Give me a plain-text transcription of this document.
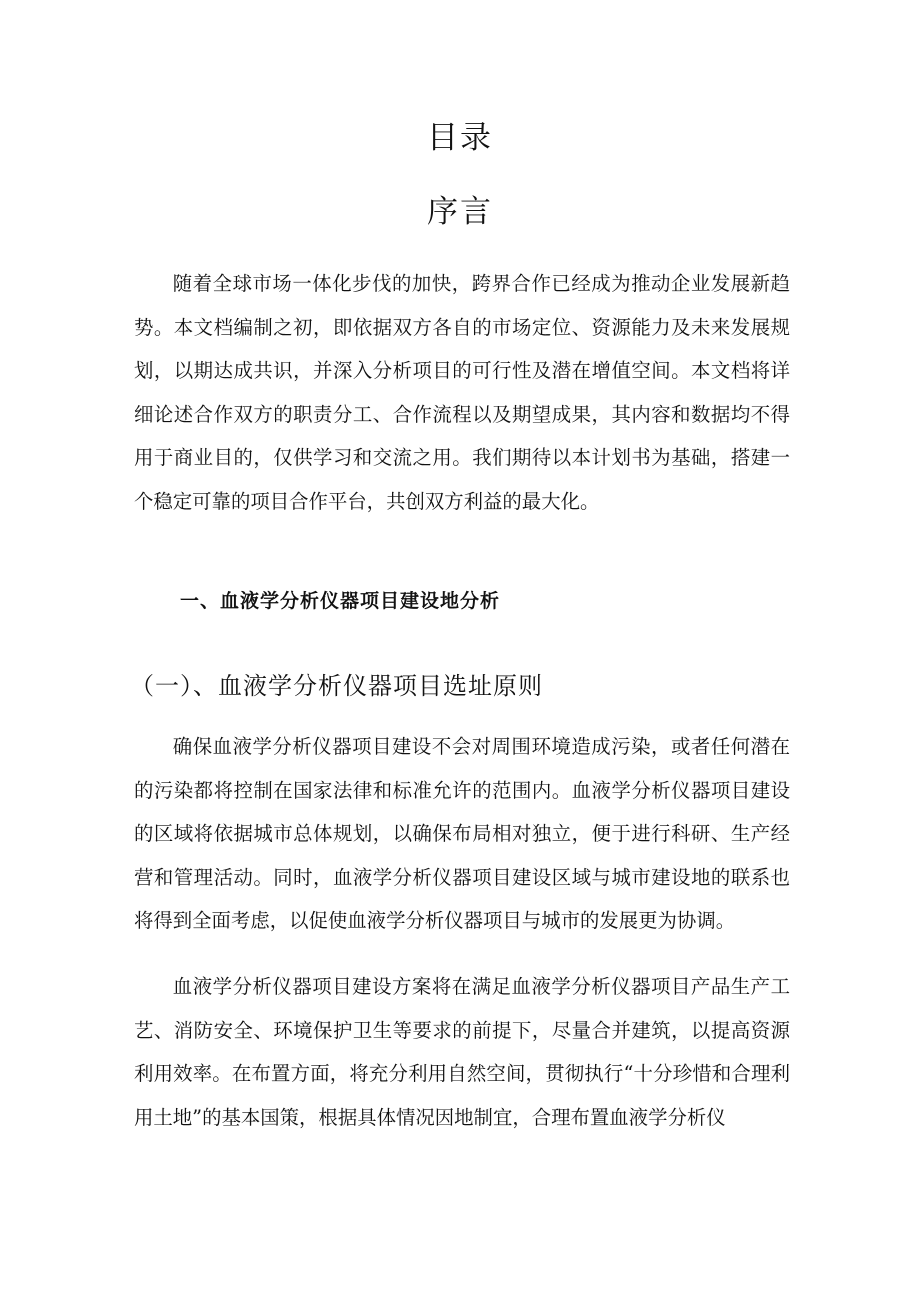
目录
序言

随着全球市场一体化步伐的加快，跨界合作已经成为推动企业发展新趋势。本文档编制之初，即依据双方各自的市场定位、资源能力及未来发展规划，以期达成共识，并深入分析项目的可行性及潜在增值空间。本文档将详细论述合作双方的职责分工、合作流程以及期望成果，其内容和数据均不得用于商业目的，仅供学习和交流之用。我们期待以本计划书为基础，搭建一个稳定可靠的项目合作平台，共创双方利益的最大化。

一、血液学分析仪器项目建设地分析
（一）、血液学分析仪器项目选址原则

确保血液学分析仪器项目建设不会对周围环境造成污染，或者任何潜在的污染都将控制在国家法律和标准允许的范围内。血液学分析仪器项目建设的区域将依据城市总体规划，以确保布局相对独立，便于进行科研、生产经营和管理活动。同时，血液学分析仪器项目建设区域与城市建设地的联系也将得到全面考虑，以促使血液学分析仪器项目与城市的发展更为协调。

血液学分析仪器项目建设方案将在满足血液学分析仪器项目产品生产工艺、消防安全、环境保护卫生等要求的前提下，尽量合并建筑，以提高资源利用效率。在布置方面，将充分利用自然空间，贯彻执行“十分珍惜和合理利用土地”的基本国策，根据具体情况因地制宜，合理布置血液学分析仪
